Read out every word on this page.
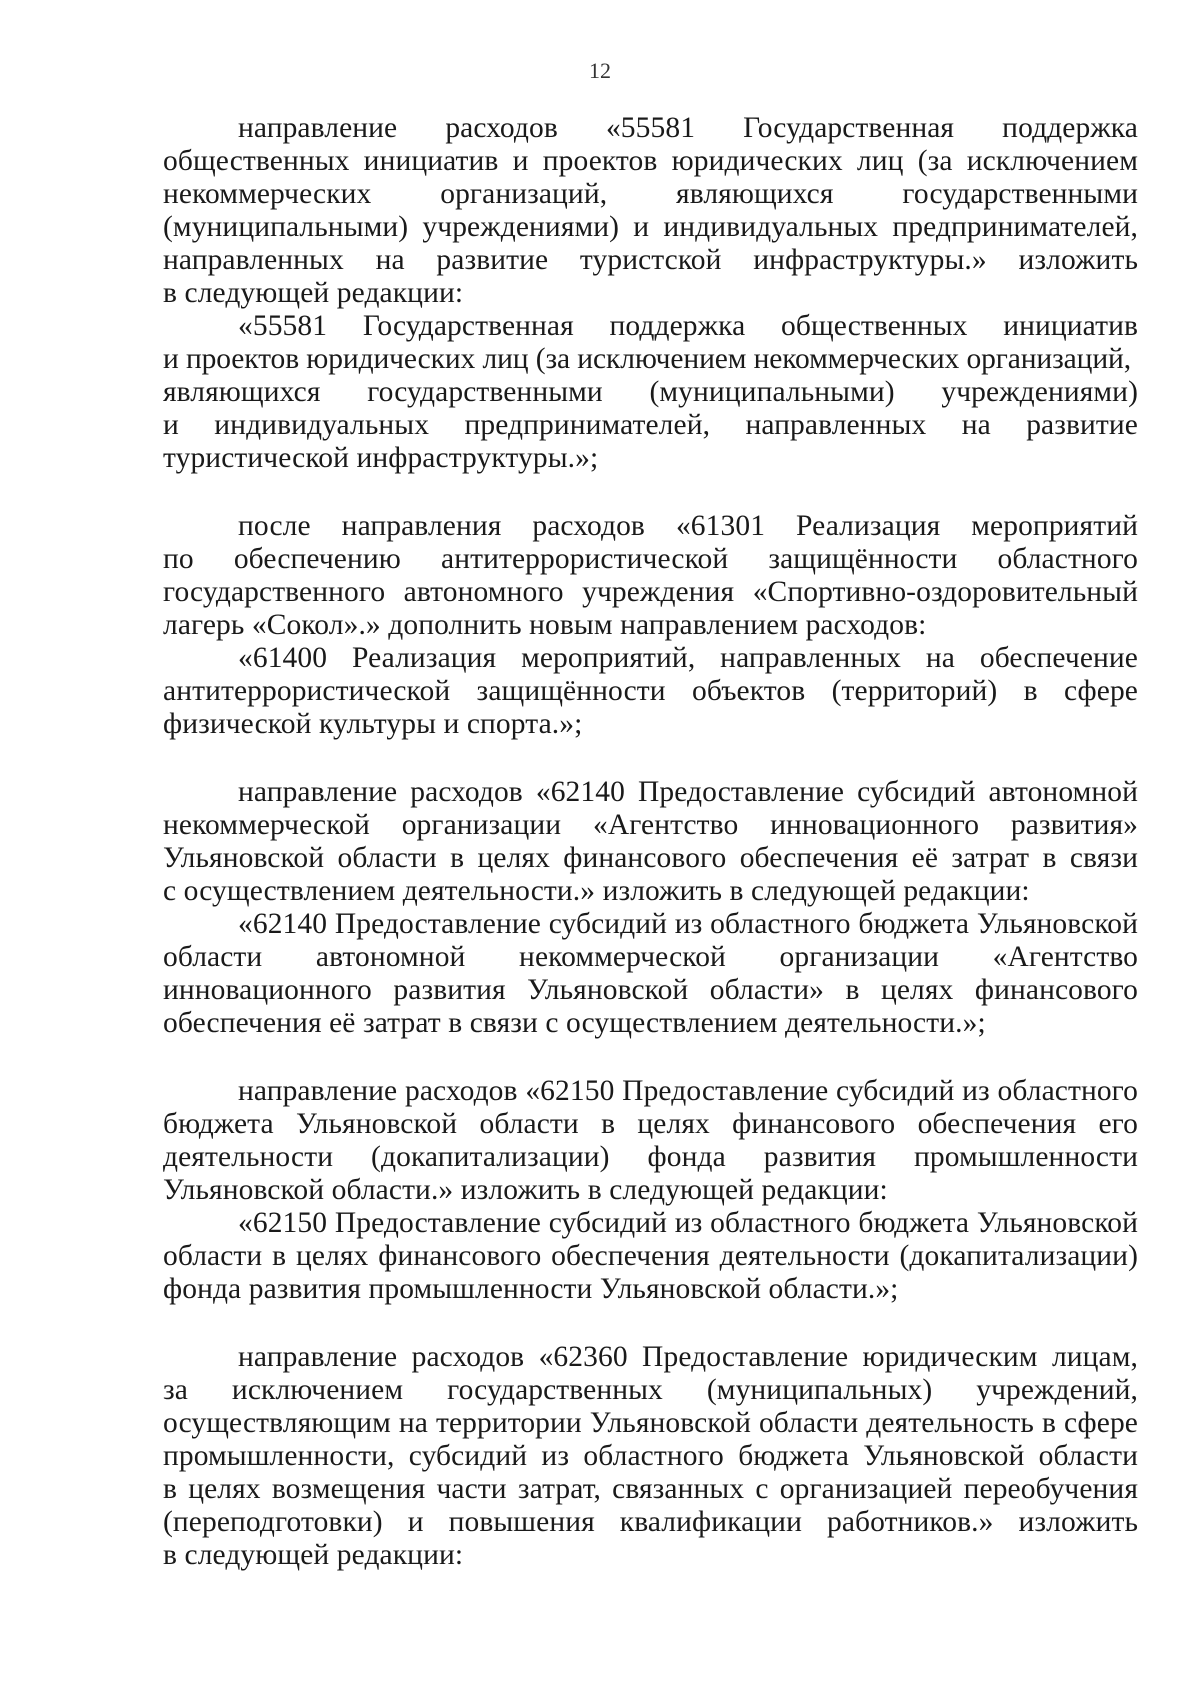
12
направление расходов «55581 Государственная поддержка
общественных инициатив и проектов юридических лиц (за исключением
некоммерческих организаций, являющихся государственными
(муниципальными) учреждениями) и индивидуальных предпринимателей,
направленных на развитие туристской инфраструктуры.» изложить
в следующей редакции:
«55581 Государственная поддержка общественных инициатив
и проектов юридических лиц (за исключением некоммерческих организаций,
являющихся государственными (муниципальными) учреждениями)
и индивидуальных предпринимателей, направленных на развитие
туристической инфраструктуры.»;
после направления расходов «61301 Реализация мероприятий
по обеспечению антитеррористической защищённости областного
государственного автономного учреждения «Спортивно-оздоровительный
лагерь «Сокол».» дополнить новым направлением расходов:
«61400 Реализация мероприятий, направленных на обеспечение
антитеррористической защищённости объектов (территорий) в сфере
физической культуры и спорта.»;
направление расходов «62140 Предоставление субсидий автономной
некоммерческой организации «Агентство инновационного развития»
Ульяновской области в целях финансового обеспечения её затрат в связи
с осуществлением деятельности.» изложить в следующей редакции:
«62140 Предоставление субсидий из областного бюджета Ульяновской
области автономной некоммерческой организации «Агентство
инновационного развития Ульяновской области» в целях финансового
обеспечения её затрат в связи с осуществлением деятельности.»;
направление расходов «62150 Предоставление субсидий из областного
бюджета Ульяновской области в целях финансового обеспечения его
деятельности (докапитализации) фонда развития промышленности
Ульяновской области.» изложить в следующей редакции:
«62150 Предоставление субсидий из областного бюджета Ульяновской
области в целях финансового обеспечения деятельности (докапитализации)
фонда развития промышленности Ульяновской области.»;
направление расходов «62360 Предоставление юридическим лицам,
за исключением государственных (муниципальных) учреждений,
осуществляющим на территории Ульяновской области деятельность в сфере
промышленности, субсидий из областного бюджета Ульяновской области
в целях возмещения части затрат, связанных с организацией переобучения
(переподготовки) и повышения квалификации работников.» изложить
в следующей редакции:
